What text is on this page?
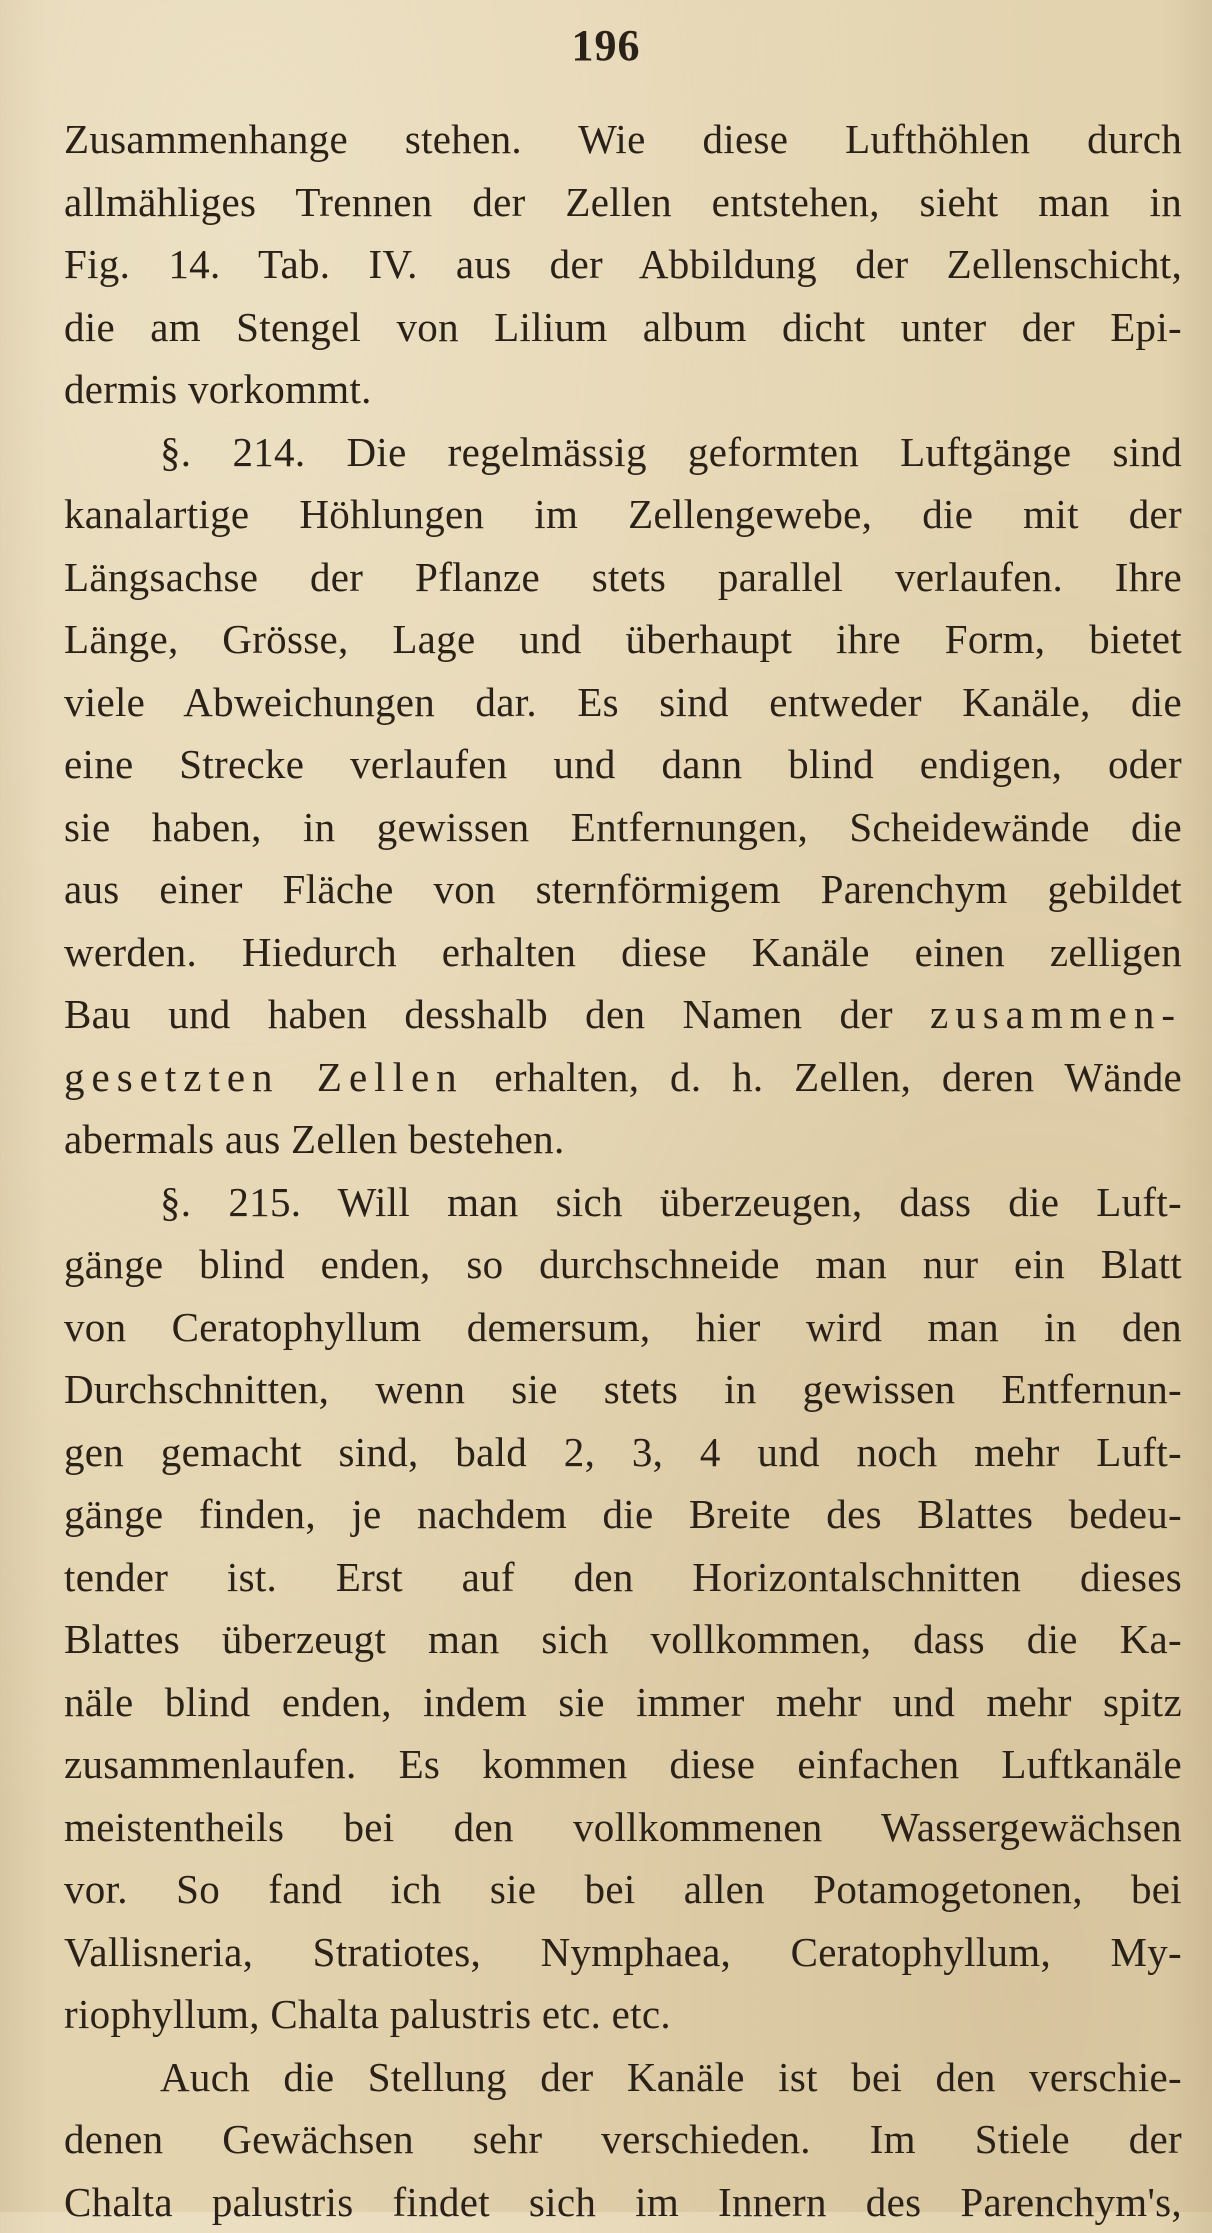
196
Zusammenhange stehen. Wie diese Lufthöhlen durch
allmähliges Trennen der Zellen entstehen, sieht man in
Fig. 14. Tab. IV. aus der Abbildung der Zellenschicht,
die am Stengel von Lilium album dicht unter der Epi-
dermis vorkommt.
§. 214. Die regelmässig geformten Luftgänge sind
kanalartige Höhlungen im Zellengewebe, die mit der
Längsachse der Pflanze stets parallel verlaufen. Ihre
Länge, Grösse, Lage und überhaupt ihre Form, bietet
viele Abweichungen dar. Es sind entweder Kanäle, die
eine Strecke verlaufen und dann blind endigen, oder
sie haben, in gewissen Entfernungen, Scheidewände die
aus einer Fläche von sternförmigem Parenchym gebildet
werden. Hiedurch erhalten diese Kanäle einen zelligen
Bau und haben desshalb den Namen der zusammen-
gesetzten Zellen erhalten, d. h. Zellen, deren Wände
abermals aus Zellen bestehen.
§. 215. Will man sich überzeugen, dass die Luft-
gänge blind enden, so durchschneide man nur ein Blatt
von Ceratophyllum demersum, hier wird man in den
Durchschnitten, wenn sie stets in gewissen Entfernun-
gen gemacht sind, bald 2, 3, 4 und noch mehr Luft-
gänge finden, je nachdem die Breite des Blattes bedeu-
tender ist. Erst auf den Horizontalschnitten dieses
Blattes überzeugt man sich vollkommen, dass die Ka-
näle blind enden, indem sie immer mehr und mehr spitz
zusammenlaufen. Es kommen diese einfachen Luftkanäle
meistentheils bei den vollkommenen Wassergewächsen
vor. So fand ich sie bei allen Potamogetonen, bei
Vallisneria, Stratiotes, Nymphaea, Ceratophyllum, My-
riophyllum, Chalta palustris etc. etc.
Auch die Stellung der Kanäle ist bei den verschie-
denen Gewächsen sehr verschieden. Im Stiele der
Chalta palustris findet sich im Innern des Parenchym's,
